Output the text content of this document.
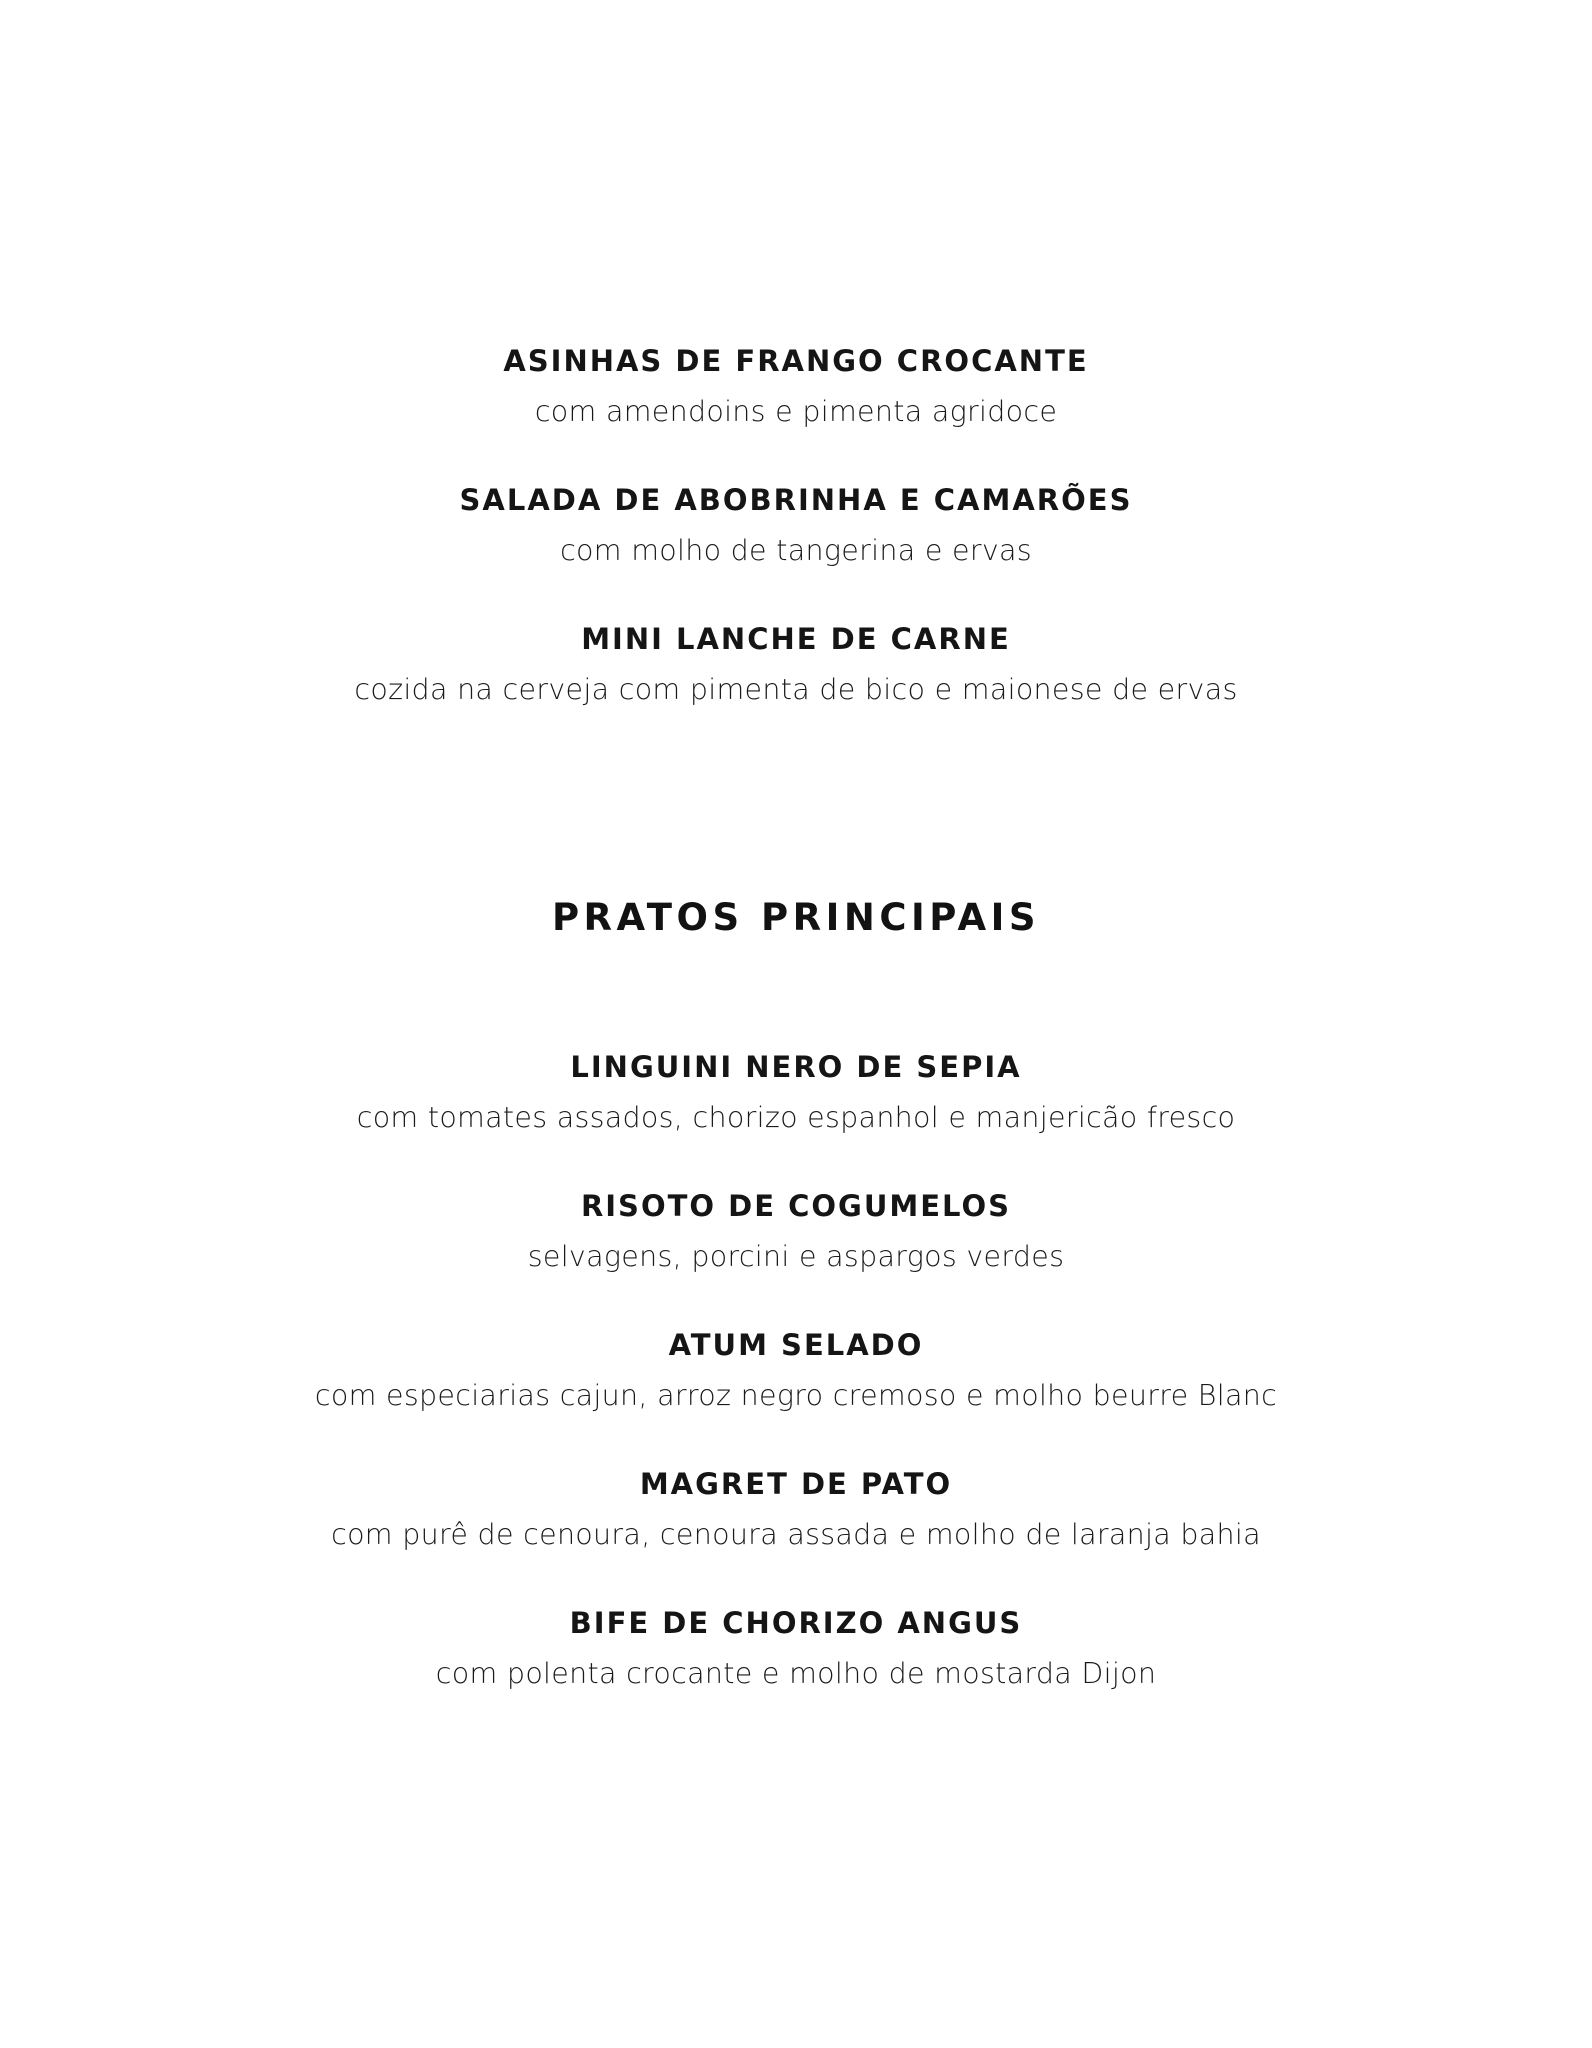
ASINHAS DE FRANGO CROCANTE

com amendoins e pimenta agridoce

SALADA DE ABOBRINHA E CAMARÕES

com molho de tangerina e ervas

MINI LANCHE DE CARNE

cozida na cerveja com pimenta de bico e maionese de ervas

PRATOS PRINCIPAIS

LINGUINI NERO DE SEPIA

com tomates assados, chorizo espanhol e manjericão fresco

RISOTO DE COGUMELOS

selvagens, porcini e aspargos verdes

ATUM SELADO

com especiarias cajun, arroz negro cremoso e molho beurre Blanc

MAGRET DE PATO

com purê de cenoura, cenoura assada e molho de laranja bahia

BIFE DE CHORIZO ANGUS

com polenta crocante e molho de mostarda Dijon
